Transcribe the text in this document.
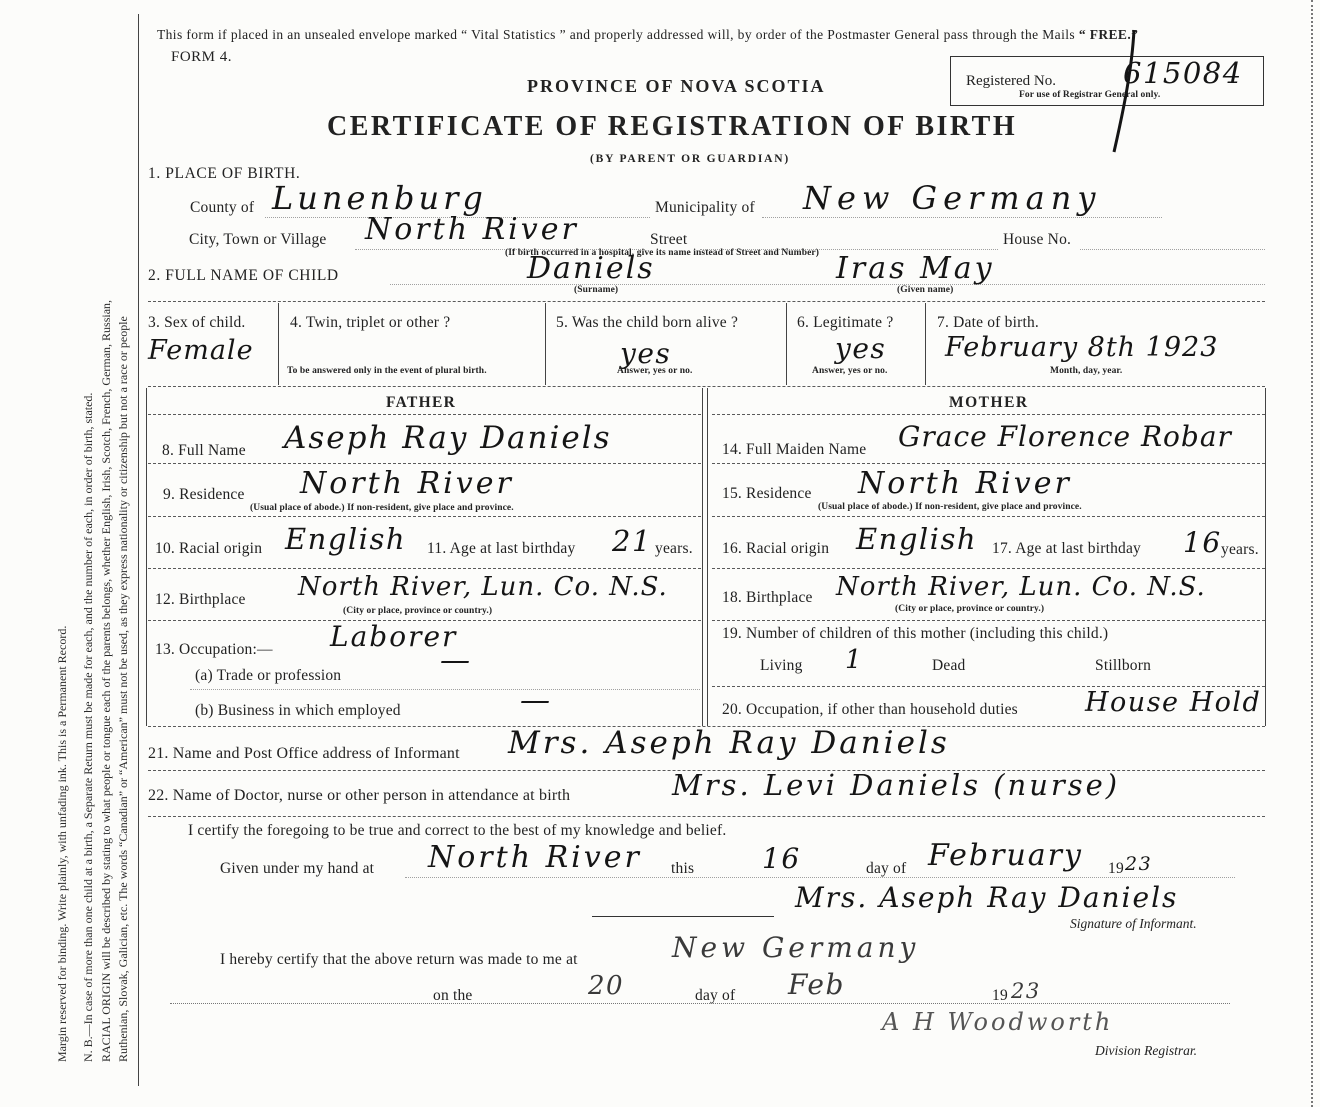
Margin reserved for binding. Write plainly, with unfading ink. This is a Permanent Record. N. B.—In case of more than one child at a birth, a Separate Return must be made for each, and the number of each, in order of birth, stated. RACIAL ORIGIN will be described by stating to what people or tongue each of the parents belongs, whether English, Irish, Scotch, French, German, Russian, Ruthenian, Slovak, Galician, etc. The words “Canadian” or “American” must not be used, as they express nationality or citizenship but not a race or people
This form if placed in an unsealed envelope marked “ Vital Statistics ” and properly addressed will, by order of the Postmaster General pass through the Mails “ FREE.”
FORM 4.
Registered No. 615084
For use of Registrar General only.
PROVINCE OF NOVA SCOTIA
CERTIFICATE OF REGISTRATION OF BIRTH
(BY PARENT OR GUARDIAN)
1. PLACE OF BIRTH.
County of Lunenburg	Municipality of New Germany
City, Town or Village North River	Street	House No.
(If birth occurred in a hospital, give its name instead of Street and Number)
2. FULL NAME OF CHILD	Daniels
(Surname)
Iras May
(Given name)
3. Sex of child.
Female
4. Twin, triplet or other ?
To be answered only in the event of plural birth.
5. Was the child born alive ?
yes
Answer, yes or no.
6. Legitimate ?
yes
Answer, yes or no.
7. Date of birth.
February 8th 1923
Month, day, year.
FATHER
8. Full Name Aseph Ray Daniels
9. Residence North River
(Usual place of abode.) If non-resident, give place and province.
10. Racial origin English 11. Age at last birthday 21 years.
12. Birthplace North River, Lun. Co. N.S.
(City or place, province or country.)
13. Occupation:— Laborer
(a) Trade or profession	—
(b) Business in which employed	—
MOTHER
14. Full Maiden Name Grace Florence Robar
15. Residence North River
(Usual place of abode.) If non-resident, give place and province.
16. Racial origin English 17. Age at last birthday 16 years.
18. Birthplace North River, Lun. Co. N.S.
(City or place, province or country.)
19. Number of children of this mother (including this child.)
Living 1	Dead	Stillborn
20. Occupation, if other than household duties House Hold
21. Name and Post Office address of Informant Mrs. Aseph Ray Daniels
22. Name of Doctor, nurse or other person in attendance at birth	Mrs. Levi Daniels (nurse)
I certify the foregoing to be true and correct to the best of my knowledge and belief.
Given under my hand at North River this 16	day of February 19 23
Mrs. Aseph Ray Daniels
Signature of Informant.
I hereby certify that the above return was made to me at	New Germany
on the	20	day of Feb	19 23
A H Woodworth
Division Registrar.
